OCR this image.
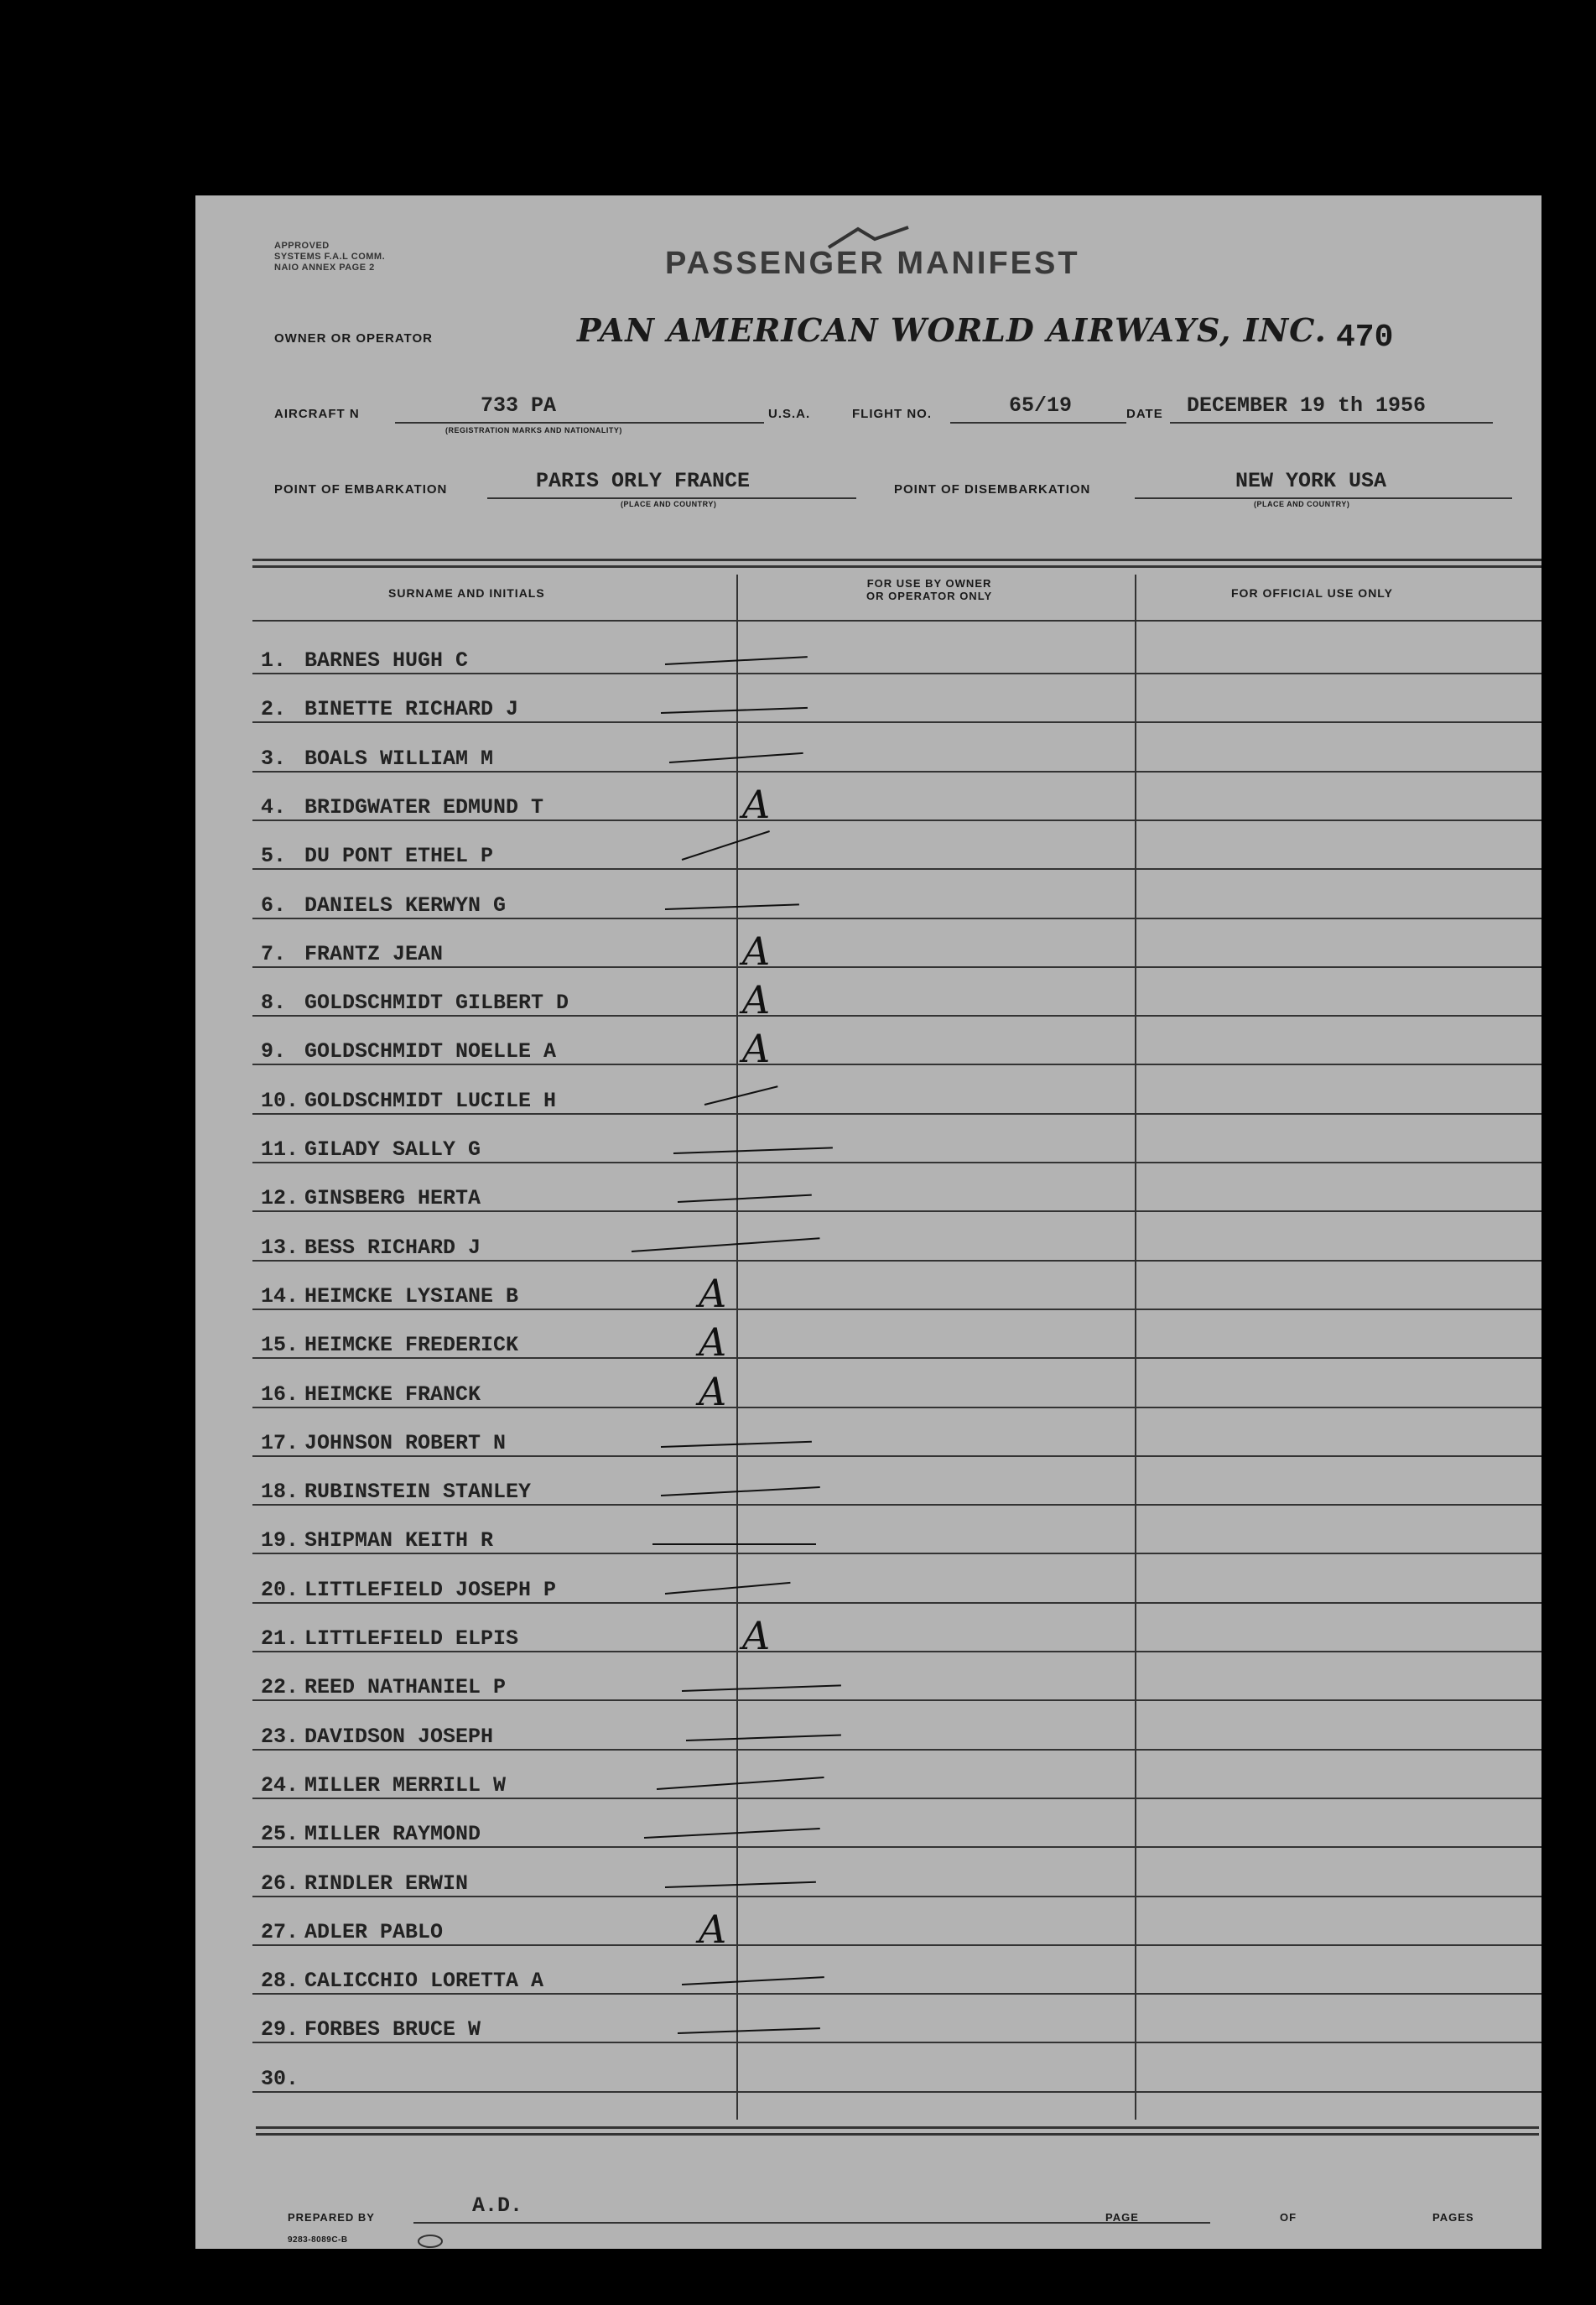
APPROVED
SYSTEMS F.A.L COMM.
NAIO ANNEX PAGE 2	PASSENGER MANIFEST
OWNER OR OPERATOR	PAN AMERICAN WORLD AIRWAYS, INC. 470
AIRCRAFT N	733 PA
(REGISTRATION MARKS AND NATIONALITY)
U.S.A.	FLIGHT NO.	65/19	DATE DECEMBER 19 th 1956
POINT OF EMBARKATION	PARIS ORLY FRANCE
(PLACE AND COUNTRY)
POINT OF DISEMBARKATION	NEW YORK USA
(PLACE AND COUNTRY)
SURNAME AND INITIALS
FOR USE BY OWNER
OR OPERATOR ONLY	FOR OFFICIAL USE ONLY
1. BARNES HUGH C
2. BINETTE RICHARD J
3. BOALS WILLIAM M
4. BRIDGWATER EDMUND T	A
5. DU PONT ETHEL P
6. DANIELS KERWYN G
7. FRANTZ JEAN	A
8. GOLDSCHMIDT GILBERT D	A
9. GOLDSCHMIDT NOELLE A	A
10. GOLDSCHMIDT LUCILE H
11. GILADY SALLY G
12. GINSBERG HERTA
13. BESS RICHARD J
14. HEIMCKE LYSIANE B	A
15. HEIMCKE FREDERICK	A
16. HEIMCKE FRANCK	A
17. JOHNSON ROBERT N
18. RUBINSTEIN STANLEY
19. SHIPMAN KEITH R
20. LITTLEFIELD JOSEPH P
21. LITTLEFIELD ELPIS	A
22. REED NATHANIEL P
23. DAVIDSON JOSEPH
24. MILLER MERRILL W
25. MILLER RAYMOND
26. RINDLER ERWIN
27. ADLER PABLO	A
28. CALICCHIO LORETTA A
29. FORBES BRUCE W
30.
PREPARED BY	A.D.	PAGE	OF	PAGES
9283-8089C-B
